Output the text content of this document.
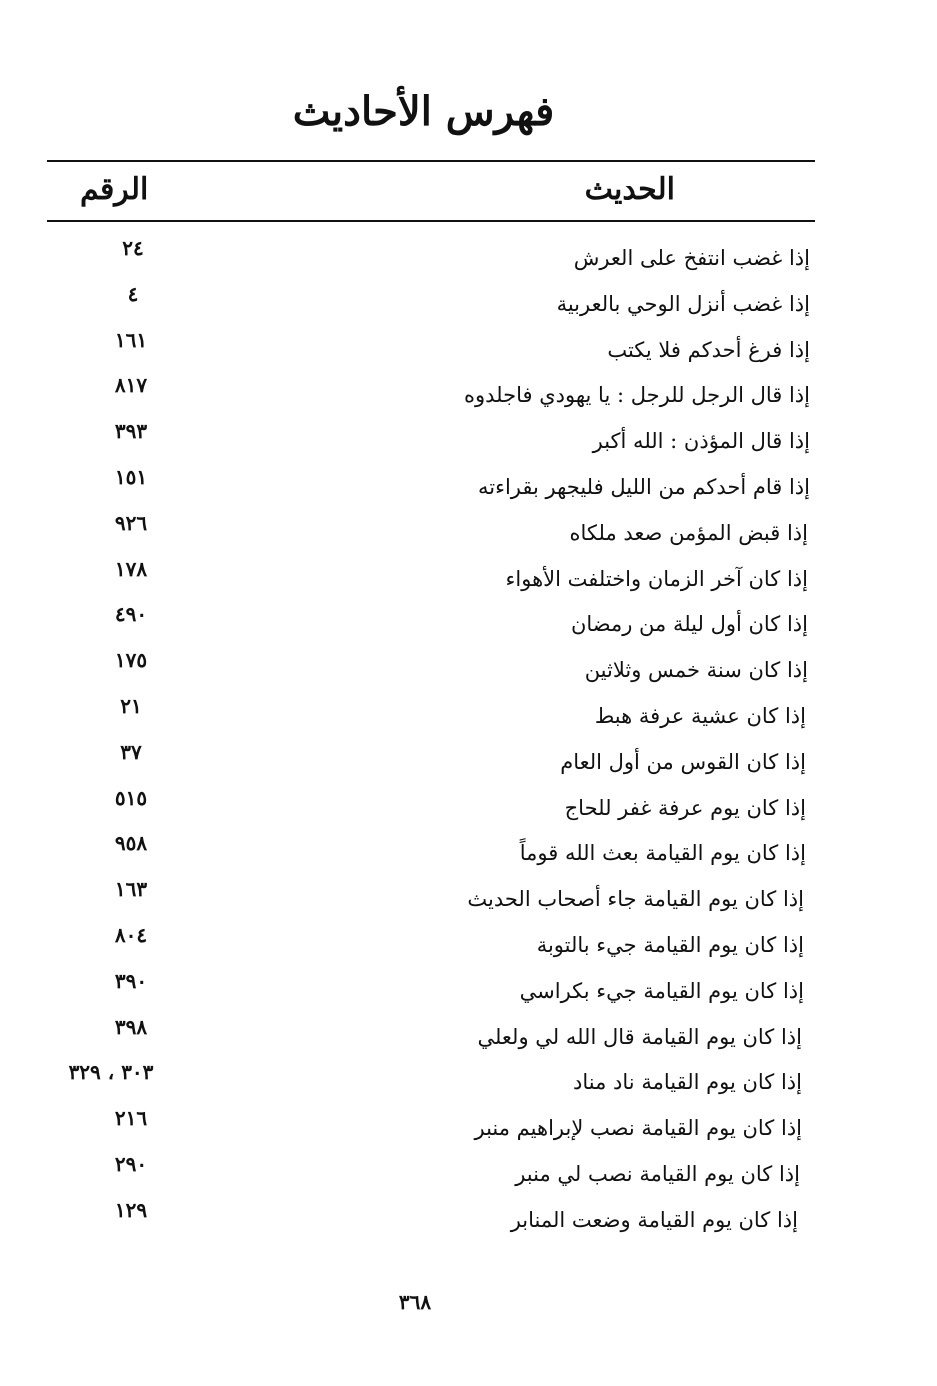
فهرس الأحاديث
الحديث
الرقم
إذا غضب انتفخ على العرش
٢٤
إذا غضب أنزل الوحي بالعربية
٤
إذا فرغ أحدكم فلا يكتب
١٦١
إذا قال الرجل للرجل : يا يهودي فاجلدوه
٨١٧
إذا قال المؤذن : الله أكبر
٣٩٣
إذا قام أحدكم من الليل فليجهر بقراءته
١٥١
إذا قبض المؤمن صعد ملكاه
٩٢٦
إذا كان آخر الزمان واختلفت الأهواء
١٧٨
إذا كان أول ليلة من رمضان
٤٩٠
إذا كان سنة خمس وثلاثين
١٧٥
إذا كان عشية عرفة هبط
٢١
إذا كان القوس من أول العام
٣٧
إذا كان يوم عرفة غفر للحاج
٥١٥
إذا كان يوم القيامة بعث الله قوماً
٩٥٨
إذا كان يوم القيامة جاء أصحاب الحديث
١٦٣
إذا كان يوم القيامة جيء بالتوبة
٨٠٤
إذا كان يوم القيامة جيء بكراسي
٣٩٠
إذا كان يوم القيامة قال الله لي ولعلي
٣٩٨
إذا كان يوم القيامة ناد مناد
٣٠٣ ، ٣٢٩
إذا كان يوم القيامة نصب لإبراهيم منبر
٢١٦
إذا كان يوم القيامة نصب لي منبر
٢٩٠
إذا كان يوم القيامة وضعت المنابر
١٢٩
٣٦٨
